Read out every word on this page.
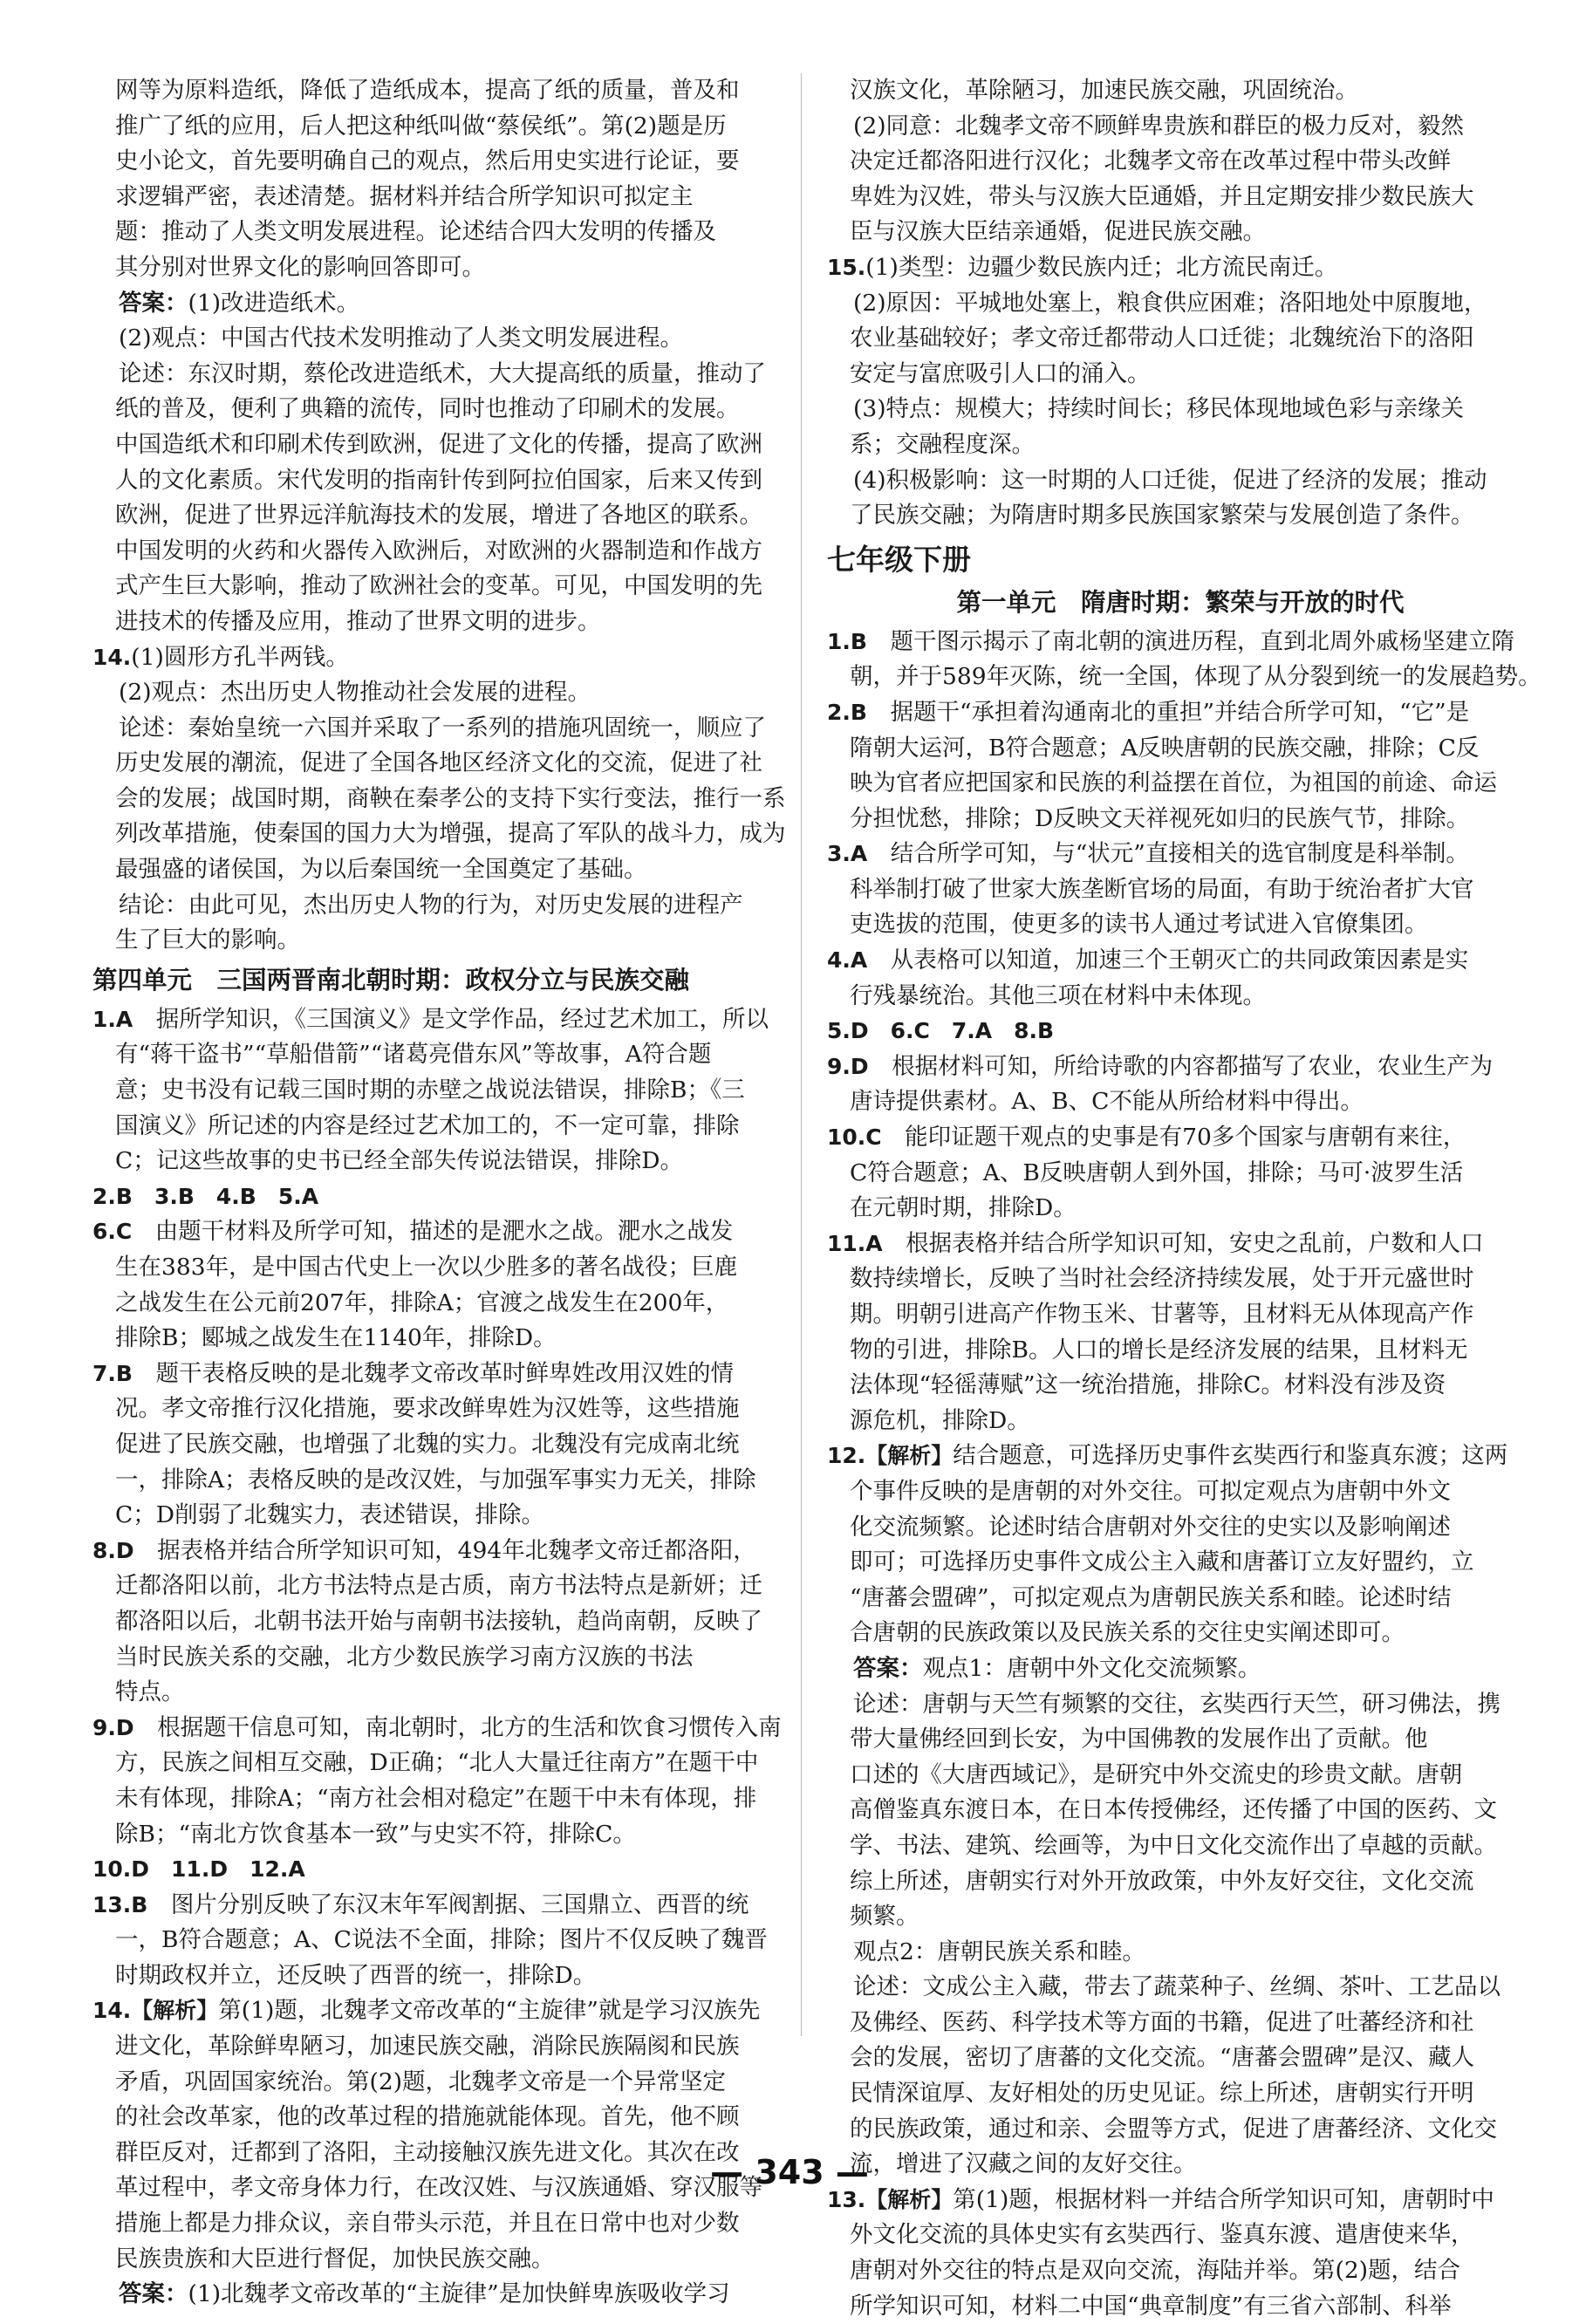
网等为原料造纸，降低了造纸成本，提高了纸的质量，普及和

推广了纸的应用，后人把这种纸叫做“蔡侯纸”。第(2)题是历

史小论文，首先要明确自己的观点，然后用史实进行论证，要

求逻辑严密，表述清楚。据材料并结合所学知识可拟定主

题：推动了人类文明发展进程。论述结合四大发明的传播及

其分别对世界文化的影响回答即可。

答案：(1)改进造纸术。

(2)观点：中国古代技术发明推动了人类文明发展进程。

论述：东汉时期，蔡伦改进造纸术，大大提高纸的质量，推动了

纸的普及，便利了典籍的流传，同时也推动了印刷术的发展。

中国造纸术和印刷术传到欧洲，促进了文化的传播，提高了欧洲

人的文化素质。宋代发明的指南针传到阿拉伯国家，后来又传到

欧洲，促进了世界远洋航海技术的发展，增进了各地区的联系。

中国发明的火药和火器传入欧洲后，对欧洲的火器制造和作战方

式产生巨大影响，推动了欧洲社会的变革。可见，中国发明的先

进技术的传播及应用，推动了世界文明的进步。

14.(1)圆形方孔半两钱。

(2)观点：杰出历史人物推动社会发展的进程。

论述：秦始皇统一六国并采取了一系列的措施巩固统一，顺应了

历史发展的潮流，促进了全国各地区经济文化的交流，促进了社

会的发展；战国时期，商鞅在秦孝公的支持下实行变法，推行一系

列改革措施，使秦国的国力大为增强，提高了军队的战斗力，成为

最强盛的诸侯国，为以后秦国统一全国奠定了基础。

结论：由此可见，杰出历史人物的行为，对历史发展的进程产

生了巨大的影响。

第四单元　三国两晋南北朝时期：政权分立与民族交融

1.A　据所学知识，《三国演义》是文学作品，经过艺术加工，所以

有“蒋干盗书”“草船借箭”“诸葛亮借东风”等故事，A符合题

意；史书没有记载三国时期的赤壁之战说法错误，排除B；《三

国演义》所记述的内容是经过艺术加工的，不一定可靠，排除

C；记这些故事的史书已经全部失传说法错误，排除D。

2.B　3.B　4.B　5.A

6.C　由题干材料及所学可知，描述的是淝水之战。淝水之战发

生在383年，是中国古代史上一次以少胜多的著名战役；巨鹿

之战发生在公元前207年，排除A；官渡之战发生在200年，

排除B；郾城之战发生在1140年，排除D。

7.B　题干表格反映的是北魏孝文帝改革时鲜卑姓改用汉姓的情

况。孝文帝推行汉化措施，要求改鲜卑姓为汉姓等，这些措施

促进了民族交融，也增强了北魏的实力。北魏没有完成南北统

一，排除A；表格反映的是改汉姓，与加强军事实力无关，排除

C；D削弱了北魏实力，表述错误，排除。

8.D　据表格并结合所学知识可知，494年北魏孝文帝迁都洛阳，

迁都洛阳以前，北方书法特点是古质，南方书法特点是新妍；迁

都洛阳以后，北朝书法开始与南朝书法接轨，趋尚南朝，反映了

当时民族关系的交融，北方少数民族学习南方汉族的书法

特点。

9.D　根据题干信息可知，南北朝时，北方的生活和饮食习惯传入南

方，民族之间相互交融，D正确；“北人大量迁往南方”在题干中

未有体现，排除A；“南方社会相对稳定”在题干中未有体现，排

除B；“南北方饮食基本一致”与史实不符，排除C。

10.D　11.D　12.A

13.B　图片分别反映了东汉末年军阀割据、三国鼎立、西晋的统

一，B符合题意；A、C说法不全面，排除；图片不仅反映了魏晋

时期政权并立，还反映了西晋的统一，排除D。

14.【解析】第(1)题，北魏孝文帝改革的“主旋律”就是学习汉族先

进文化，革除鲜卑陋习，加速民族交融，消除民族隔阂和民族

矛盾，巩固国家统治。第(2)题，北魏孝文帝是一个异常坚定

的社会改革家，他的改革过程的措施就能体现。首先，他不顾

群臣反对，迁都到了洛阳，主动接触汉族先进文化。其次在改

革过程中，孝文帝身体力行，在改汉姓、与汉族通婚、穿汉服等

措施上都是力排众议，亲自带头示范，并且在日常中也对少数

民族贵族和大臣进行督促，加快民族交融。

答案：(1)北魏孝文帝改革的“主旋律”是加快鲜卑族吸收学习

汉族文化，革除陋习，加速民族交融，巩固统治。

(2)同意：北魏孝文帝不顾鲜卑贵族和群臣的极力反对，毅然

决定迁都洛阳进行汉化；北魏孝文帝在改革过程中带头改鲜

卑姓为汉姓，带头与汉族大臣通婚，并且定期安排少数民族大

臣与汉族大臣结亲通婚，促进民族交融。

15.(1)类型：边疆少数民族内迁；北方流民南迁。

(2)原因：平城地处塞上，粮食供应困难；洛阳地处中原腹地，

农业基础较好；孝文帝迁都带动人口迁徙；北魏统治下的洛阳

安定与富庶吸引人口的涌入。

(3)特点：规模大；持续时间长；移民体现地域色彩与亲缘关

系；交融程度深。

(4)积极影响：这一时期的人口迁徙，促进了经济的发展；推动

了民族交融；为隋唐时期多民族国家繁荣与发展创造了条件。

七年级下册
第一单元　隋唐时期：繁荣与开放的时代

1.B　题干图示揭示了南北朝的演进历程，直到北周外戚杨坚建立隋

朝，并于589年灭陈，统一全国，体现了从分裂到统一的发展趋势。

2.B　据题干“承担着沟通南北的重担”并结合所学可知，“它”是

隋朝大运河，B符合题意；A反映唐朝的民族交融，排除；C反

映为官者应把国家和民族的利益摆在首位，为祖国的前途、命运

分担忧愁，排除；D反映文天祥视死如归的民族气节，排除。

3.A　结合所学可知，与“状元”直接相关的选官制度是科举制。

科举制打破了世家大族垄断官场的局面，有助于统治者扩大官

吏选拔的范围，使更多的读书人通过考试进入官僚集团。

4.A　从表格可以知道，加速三个王朝灭亡的共同政策因素是实

行残暴统治。其他三项在材料中未体现。

5.D　6.C　7.A　8.B

9.D　根据材料可知，所给诗歌的内容都描写了农业，农业生产为

唐诗提供素材。A、B、C不能从所给材料中得出。

10.C　能印证题干观点的史事是有70多个国家与唐朝有来往，

C符合题意；A、B反映唐朝人到外国，排除；马可·波罗生活

在元朝时期，排除D。

11.A　根据表格并结合所学知识可知，安史之乱前，户数和人口

数持续增长，反映了当时社会经济持续发展，处于开元盛世时

期。明朝引进高产作物玉米、甘薯等，且材料无从体现高产作

物的引进，排除B。人口的增长是经济发展的结果，且材料无

法体现“轻徭薄赋”这一统治措施，排除C。材料没有涉及资

源危机，排除D。

12.【解析】结合题意，可选择历史事件玄奘西行和鉴真东渡；这两

个事件反映的是唐朝的对外交往。可拟定观点为唐朝中外文

化交流频繁。论述时结合唐朝对外交往的史实以及影响阐述

即可；可选择历史事件文成公主入藏和唐蕃订立友好盟约，立

“唐蕃会盟碑”，可拟定观点为唐朝民族关系和睦。论述时结

合唐朝的民族政策以及民族关系的交往史实阐述即可。

答案：观点1：唐朝中外文化交流频繁。

论述：唐朝与天竺有频繁的交往，玄奘西行天竺，研习佛法，携

带大量佛经回到长安，为中国佛教的发展作出了贡献。他

口述的《大唐西域记》，是研究中外交流史的珍贵文献。唐朝

高僧鉴真东渡日本，在日本传授佛经，还传播了中国的医药、文

学、书法、建筑、绘画等，为中日文化交流作出了卓越的贡献。

综上所述，唐朝实行对外开放政策，中外友好交往，文化交流

频繁。

观点2：唐朝民族关系和睦。

论述：文成公主入藏，带去了蔬菜种子、丝绸、茶叶、工艺品以

及佛经、医药、科学技术等方面的书籍，促进了吐蕃经济和社

会的发展，密切了唐蕃的文化交流。“唐蕃会盟碑”是汉、藏人

民情深谊厚、友好相处的历史见证。综上所述，唐朝实行开明

的民族政策，通过和亲、会盟等方式，促进了唐蕃经济、文化交

流，增进了汉藏之间的友好交往。

13.【解析】第(1)题，根据材料一并结合所学知识可知，唐朝时中

外文化交流的具体史实有玄奘西行、鉴真东渡、遣唐使来华，

唐朝对外交往的特点是双向交流，海陆并举。第(2)题，结合

所学知识可知，材料二中国“典章制度”有三省六部制、科举

— 343 —
